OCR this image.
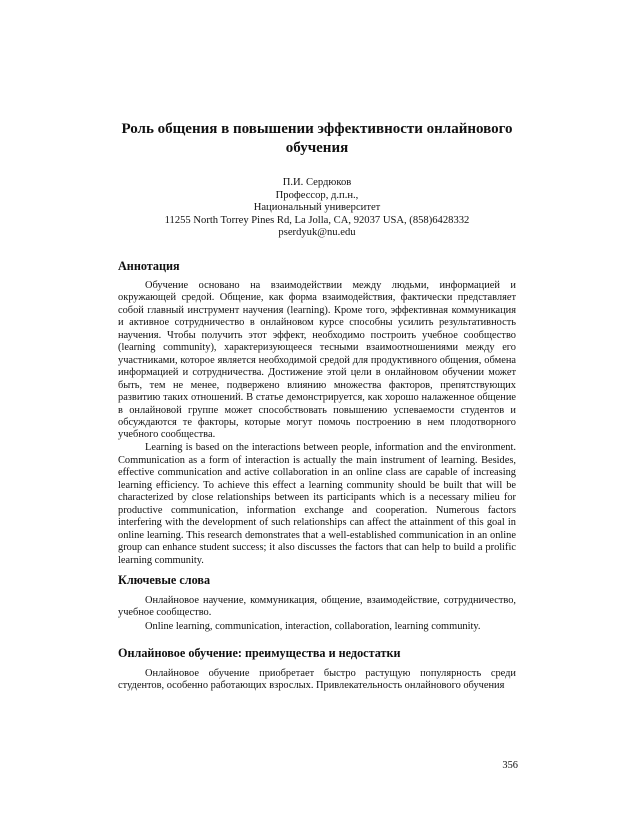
Роль общения в повышении эффективности онлайнового обучения
П.И. Сердюков
Профессор, д.п.н.,
Национальный университет
11255 North Torrey Pines Rd, La Jolla, CA, 92037 USA, (858)6428332
pserdyuk@nu.edu
Аннотация

Обучение основано на взаимодействии между людьми, информацией и окружающей средой. Общение, как форма взаимодействия, фактически представляет собой главный инструмент научения (learning). Кроме того, эффективная коммуникация и активное сотрудничество в онлайновом курсе способны усилить результативность научения. Чтобы получить этот эффект, необходимо построить учебное сообщество (learning community), характеризующееся тесными взаимоотношениями между его участниками, которое является необходимой средой для продуктивного общения, обмена информацией и сотрудничества. Достижение этой цели в онлайновом обучении может быть, тем не менее, подвержено влиянию множества факторов, препятствующих развитию таких отношений. В статье демонстрируется, как хорошо налаженное общение в онлайновой группе может способствовать повышению успеваемости студентов и обсуждаются те факторы, которые могут помочь построению в нем плодотворного учебного сообщества.

Learning is based on the interactions between people, information and the environment. Communication as a form of interaction is actually the main instrument of learning. Besides, effective communication and active collaboration in an online class are capable of increasing learning efficiency. To achieve this effect a learning community should be built that will be characterized by close relationships between its participants which is a necessary milieu for productive communication, information exchange and cooperation. Numerous factors interfering with the development of such relationships can affect the attainment of this goal in online learning. This research demonstrates that a well-established communication in an online group can enhance student success; it also discusses the factors that can help to build a prolific learning community.

Ключевые слова

Онлайновое научение, коммуникация, общение, взаимодействие, сотрудничество, учебное сообщество.

Online learning, communication, interaction, collaboration, learning community.

Онлайновое обучение: преимущества и недостатки

Онлайновое обучение приобретает быстро растущую популярность среди студентов, особенно работающих взрослых. Привлекательность онлайнового обучения

356
